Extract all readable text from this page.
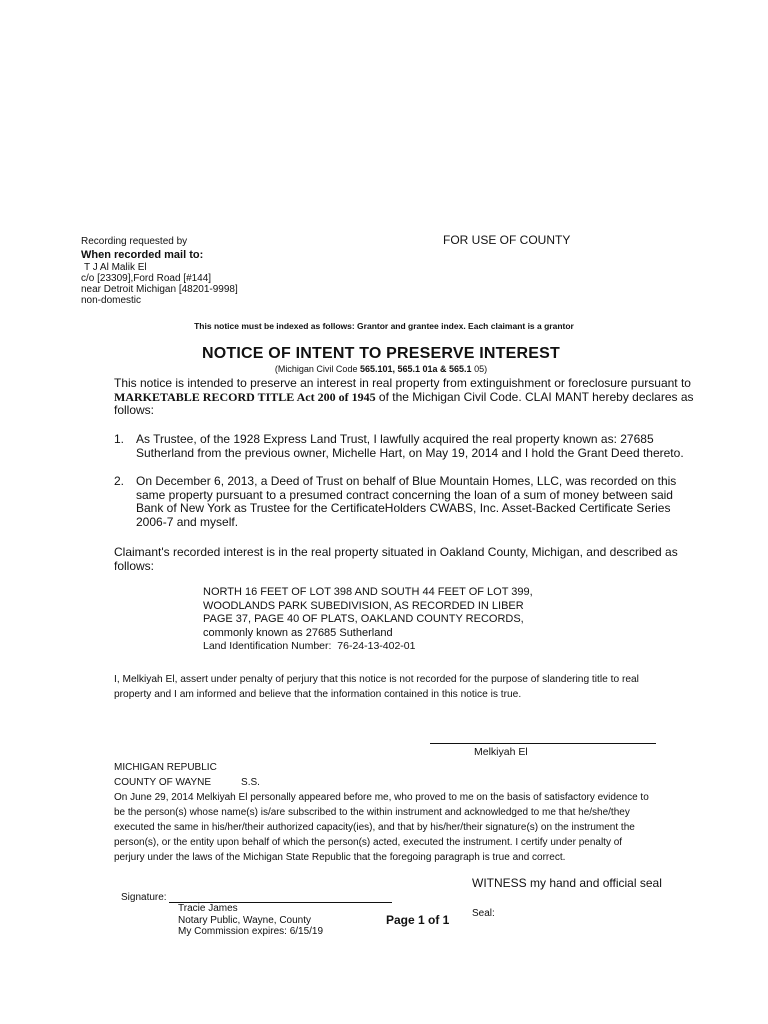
Recording requested by	FOR USE OF COUNTY
When recorded mail to:
T J Al Malik El
c/o [23309],Ford Road [#144]
near Detroit Michigan [48201-9998]
non-domestic
This notice must be indexed as follows: Grantor and grantee index. Each claimant is a grantor
NOTICE OF INTENT TO PRESERVE INTEREST
(Michigan Civil Code 565.101, 565.1 01a & 565.1 05)
This notice is intended to preserve an interest in real property from extinguishment or foreclosure pursuant to
MARKETABLE RECORD TITLE Act 200 of 1945 of the Michigan Civil Code. CLAI MANT hereby declares as
follows:
1. As Trustee, of the 1928 Express Land Trust, I lawfully acquired the real property known as: 27685
Sutherland from the previous owner, Michelle Hart, on May 19, 2014 and I hold the Grant Deed thereto.
2. On December 6, 2013, a Deed of Trust on behalf of Blue Mountain Homes, LLC, was recorded on this
same property pursuant to a presumed contract concerning the loan of a sum of money between said
Bank of New York as Trustee for the CertificateHolders CWABS, Inc. Asset-Backed Certificate Series
2006-7 and myself.
Claimant's recorded interest is in the real property situated in Oakland County, Michigan, and described as
follows:
NORTH 16 FEET OF LOT 398 AND SOUTH 44 FEET OF LOT 399,
WOODLANDS PARK SUBEDIVISION, AS RECORDED IN LIBER
PAGE 37, PAGE 40 OF PLATS, OAKLAND COUNTY RECORDS,
commonly known as 27685 Sutherland
Land Identification Number: 76-24-13-402-01
I, Melkiyah El, assert under penalty of perjury that this notice is not recorded for the purpose of slandering title to real
property and I am informed and believe that the information contained in this notice is true.
Melkiyah El
MICHIGAN REPUBLIC
COUNTY OF WAYNE	S.S.
On June 29, 2014 Melkiyah El personally appeared before me, who proved to me on the basis of satisfactory evidence to
be the person(s) whose name(s) is/are subscribed to the within instrument and acknowledged to me that he/she/they
executed the same in his/her/their authorized capacity(ies), and that by his/her/their signature(s) on the instrument the
person(s), or the entity upon behalf of which the person(s) acted, executed the instrument. I certify under penalty of
perjury under the laws of the Michigan State Republic that the foregoing paragraph is true and correct.
WITNESS my hand and official seal
Signature:
Tracie James
Notary Public, Wayne, County
My Commission expires: 6/15/19
Page 1 of 1 Seal:
